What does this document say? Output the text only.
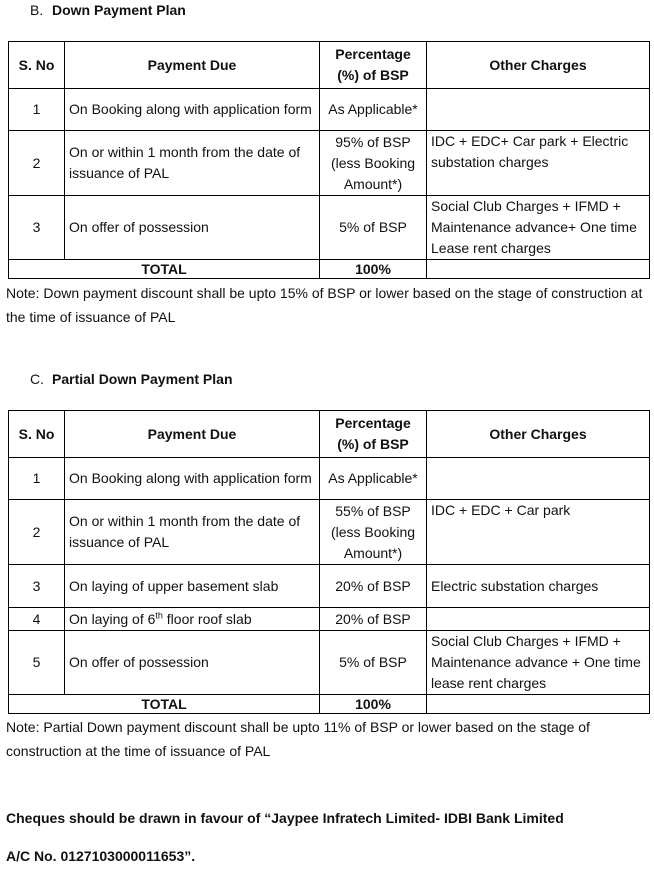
B. Down Payment Plan
S. No	Payment Due	Percentage (%) of BSP	Other Charges
1	On Booking along with application form	As Applicable*	
2	On or within 1 month from the date of issuance of PAL	95% of BSP (less Booking Amount*)	IDC + EDC+ Car park + Electric substation charges
3	On offer of possession	5% of BSP	Social Club Charges + IFMD + Maintenance advance+ One time Lease rent charges
TOTAL		100%	
Note: Down payment discount shall be upto 15% of BSP or lower based on the stage of construction at the time of issuance of PAL
C. Partial Down Payment Plan
S. No	Payment Due	Percentage (%) of BSP	Other Charges
1	On Booking along with application form	As Applicable*	
2	On or within 1 month from the date of issuance of PAL	55% of BSP (less Booking Amount*)	IDC + EDC + Car park
3	On laying of upper basement slab	20% of BSP	Electric substation charges
4	On laying of 6th floor roof slab	20% of BSP	
5	On offer of possession	5% of BSP	Social Club Charges + IFMD + Maintenance advance + One time lease rent charges
TOTAL		100%	
Note: Partial Down payment discount shall be upto 11% of BSP or lower based on the stage of construction at the time of issuance of PAL
Cheques should be drawn in favour of “Jaypee Infratech Limited- IDBI Bank Limited
A/C No. 0127103000011653”.
